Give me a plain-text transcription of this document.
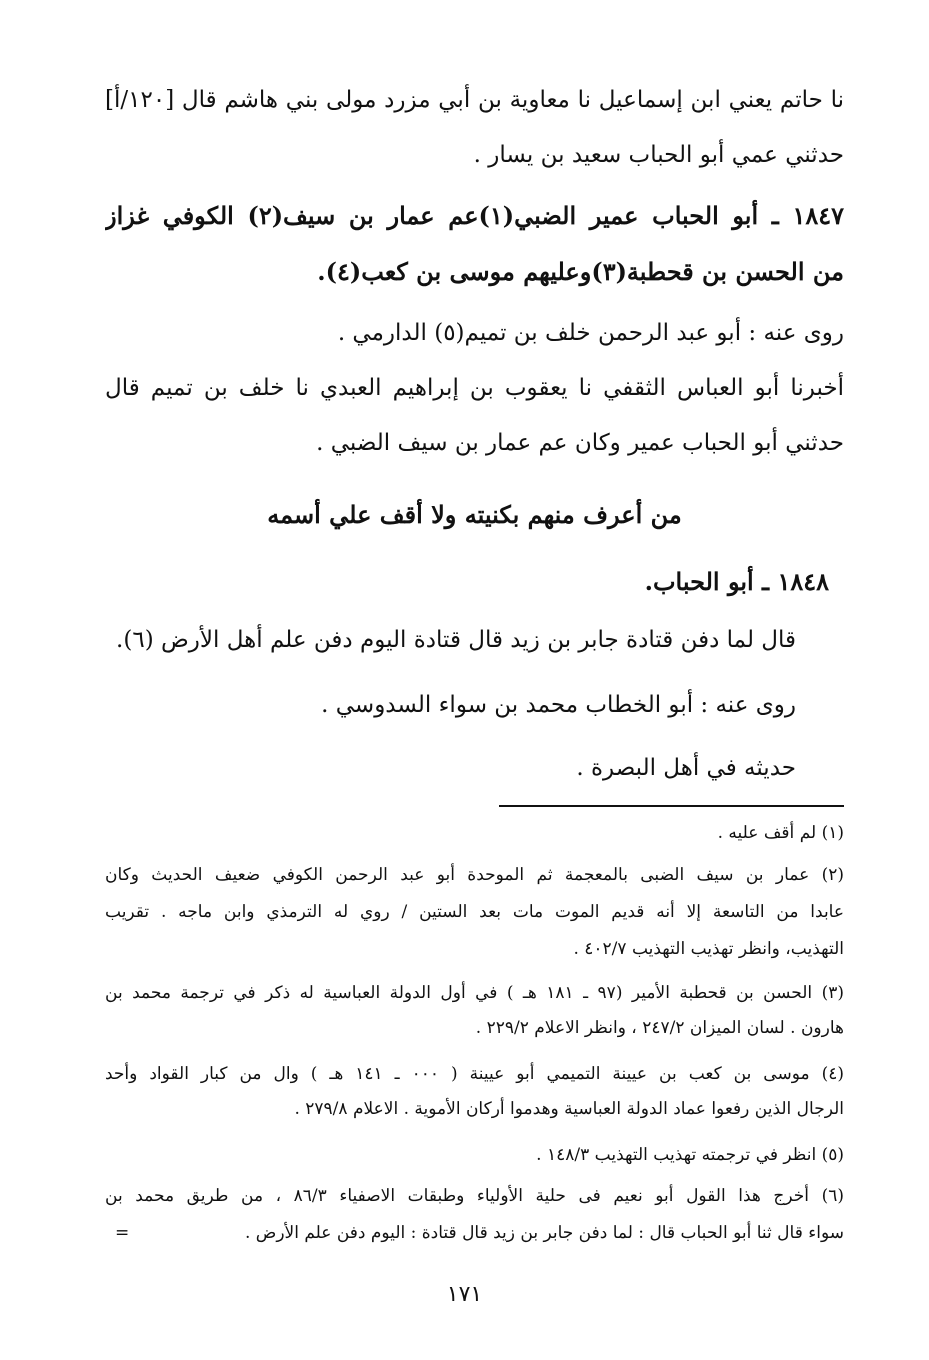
نا حاتم يعني ابن إسماعيل نا معاوية بن أبي مزرد مولى بني هاشم قال [١٢٠/أ]
حدثني عمي أبو الحباب سعيد بن يسار .
١٨٤٧ ـ أبو الحباب عمير الضبي(١)عم عمار بن سيف(٢) الكوفي غزاز
من الحسن بن قحطبة(٣)وعليهم موسى بن كعب(٤).
روى عنه : أبو عبد الرحمن خلف بن تميم(٥) الدارمي .
أخبرنا أبو العباس الثقفي نا يعقوب بن إبراهيم العبدي نا خلف بن تميم قال
حدثني أبو الحباب عمير وكان عم عمار بن سيف الضبي .
من أعرف منهم بكنيته ولا أقف علي أسمه
١٨٤٨ ـ أبو الحباب.
قال لما دفن قتادة جابر بن زيد قال قتادة اليوم دفن علم أهل الأرض (٦).
روى عنه : أبو الخطاب محمد بن سواء السدوسي .
حديثه في أهل البصرة .
(١) لم أقف عليه .
(٢) عمار بن سيف الضبى بالمعجمة ثم الموحدة أبو عبد الرحمن الكوفي ضعيف الحديث وكان
عابدا من التاسعة إلا أنه قديم الموت مات بعد الستين / روي له الترمذي وابن ماجه . تقريب
التهذيب، وانظر تهذيب التهذيب ٤٠٢/٧ .
(٣) الحسن بن قحطبة الأمير (٩٧ ـ ١٨١ هـ ) في أول الدولة العباسية له ذكر في ترجمة محمد بن
هارون . لسان الميزان ٢٤٧/٢ ، وانظر الاعلام ٢٢٩/٢ .
(٤) موسى بن كعب بن عيينة التميمي أبو عيينة ( ٠٠٠ ـ ١٤١ هـ ) وال من كبار القواد وأحد
الرجال الذين رفعوا عماد الدولة العباسية وهدموا أركان الأموية . الاعلام ٢٧٩/٨ .
(٥) انظر في ترجمته تهذيب التهذيب ١٤٨/٣ .
(٦) أخرج هذا القول أبو نعيم فى حلية الأولياء وطبقات الاصفياء ٨٦/٣ ، من طريق محمد بن
سواء قال ثنا أبو الحباب قال : لما دفن جابر بن زيد قال قتادة : اليوم دفن علم الأرض .
=
١٧١
